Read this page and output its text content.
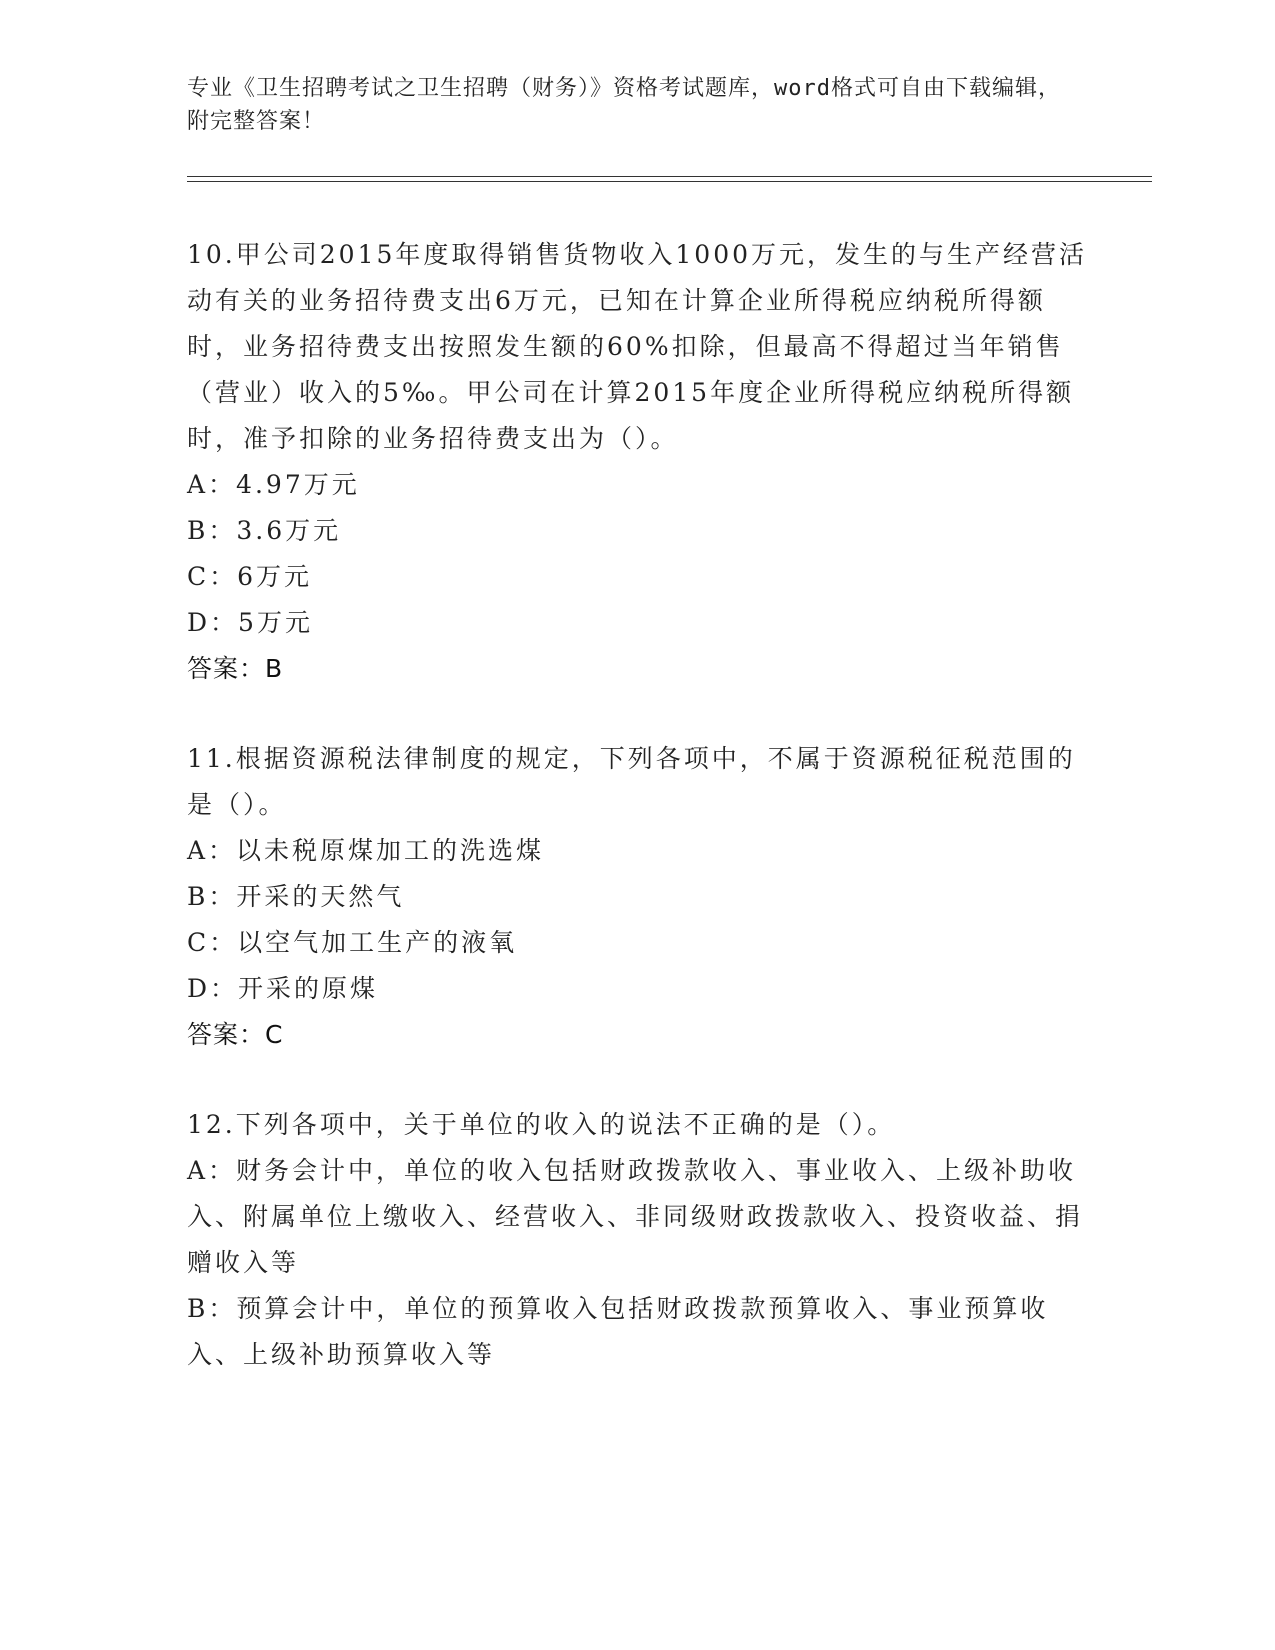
专业《卫生招聘考试之卫生招聘（财务）》资格考试题库，word格式可自由下载编辑，附完整答案！
10.甲公司2015年度取得销售货物收入1000万元，发生的与生产经营活动有关的业务招待费支出6万元，已知在计算企业所得税应纳税所得额时，业务招待费支出按照发生额的60%扣除，但最高不得超过当年销售（营业）收入的5‰。甲公司在计算2015年度企业所得税应纳税所得额时，准予扣除的业务招待费支出为（）。
A：4.97万元
B：3.6万元
C：6万元
D：5万元
答案：B
11.根据资源税法律制度的规定，下列各项中，不属于资源税征税范围的是（）。
A：以未税原煤加工的洗选煤
B：开采的天然气
C：以空气加工生产的液氧
D：开采的原煤
答案：C
12.下列各项中，关于单位的收入的说法不正确的是（）。
A：财务会计中，单位的收入包括财政拨款收入、事业收入、上级补助收入、附属单位上缴收入、经营收入、非同级财政拨款收入、投资收益、捐赠收入等
B：预算会计中，单位的预算收入包括财政拨款预算收入、事业预算收入、上级补助预算收入等
